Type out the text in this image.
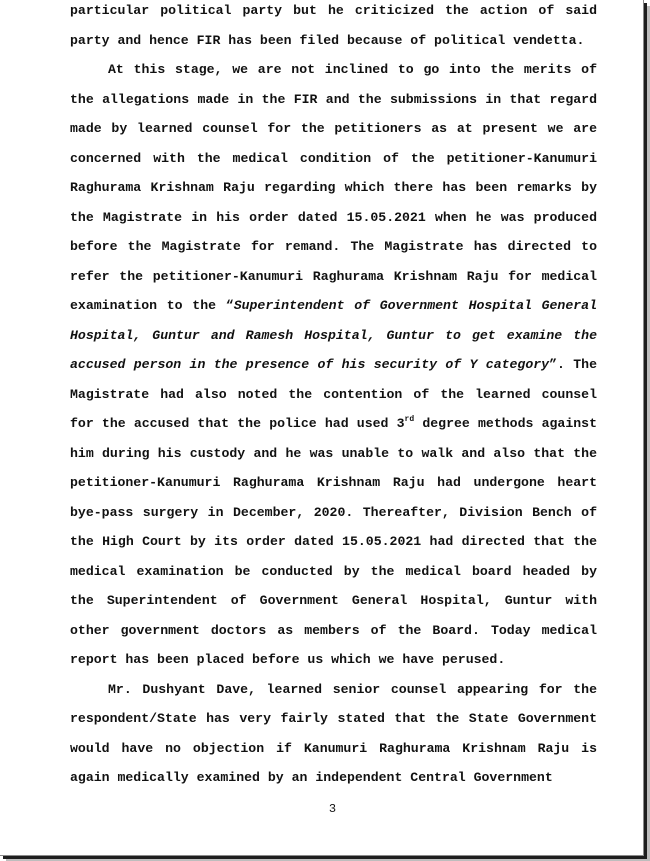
particular political party but he criticized the action of said party and hence FIR has been filed because of political vendetta.

At this stage, we are not inclined to go into the merits of the allegations made in the FIR and the submissions in that regard made by learned counsel for the petitioners as at present we are concerned with the medical condition of the petitioner-Kanumuri Raghurama Krishnam Raju regarding which there has been remarks by the Magistrate in his order dated 15.05.2021 when he was produced before the Magistrate for remand. The Magistrate has directed to refer the petitioner-Kanumuri Raghurama Krishnam Raju for medical examination to the “Superintendent of Government Hospital General Hospital, Guntur and Ramesh Hospital, Guntur to get examine the accused person in the presence of his security of Y category”. The Magistrate had also noted the contention of the learned counsel for the accused that the police had used 3rd degree methods against him during his custody and he was unable to walk and also that the petitioner-Kanumuri Raghurama Krishnam Raju had undergone heart bye-pass surgery in December, 2020. Thereafter, Division Bench of the High Court by its order dated 15.05.2021 had directed that the medical examination be conducted by the medical board headed by the Superintendent of Government General Hospital, Guntur with other government doctors as members of the Board. Today medical report has been placed before us which we have perused.

Mr. Dushyant Dave, learned senior counsel appearing for the respondent/State has very fairly stated that the State Government would have no objection if Kanumuri Raghurama Krishnam Raju is again medically examined by an independent Central Government

3
